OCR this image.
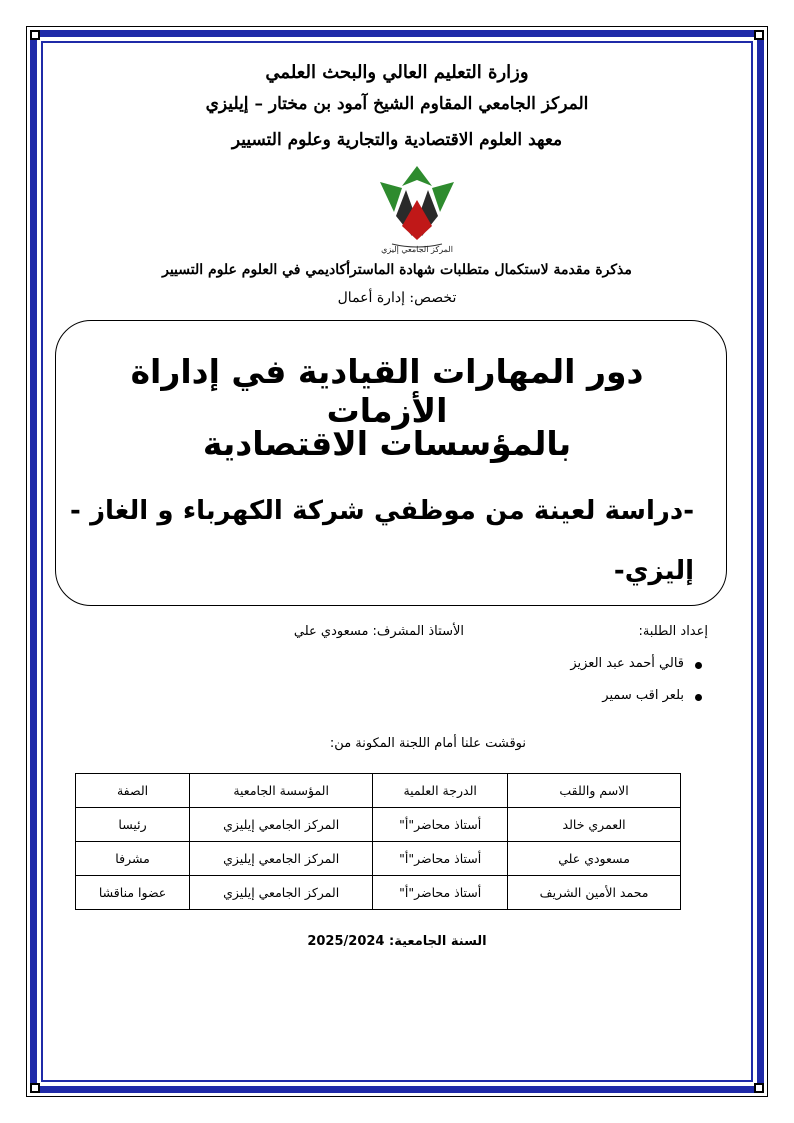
وزارة التعليم العالي والبحث العلمي
المركز الجامعي المقاوم الشيخ آمود بن مختار – إيليزي
معهد العلوم الاقتصادية والتجارية وعلوم التسيير
المركز الجامعي إليزي
مذكرة مقدمة لاستكمال متطلبات شهادة الماسترأكاديمي في العلوم علوم التسيير
تخصص: إدارة أعمال
دور المهارات القيادية في إداراة الأزمات
بالمؤسسات الاقتصادية
-دراسة لعينة من موظفي شركة الكهرباء و الغاز -
إليزي-
إعداد الطلبة:
الأستاذ المشرف: مسعودي علي
قالي أحمد عبد العزيز
بلعر اقب سمير
نوقشت علنا أمام اللجنة المكونة من:
الاسم واللقب	الدرجة العلمية	المؤسسة الجامعية	الصفة
العمري خالد	أستاذ محاضر"أ"	المركز الجامعي إيليزي	رئيسا
مسعودي علي	أستاذ محاضر"أ"	المركز الجامعي إيليزي	مشرفا
محمد الأمين الشريف	أستاذ محاضر"أ"	المركز الجامعي إيليزي	عضوا مناقشا
السنة الجامعية: 2025/2024
